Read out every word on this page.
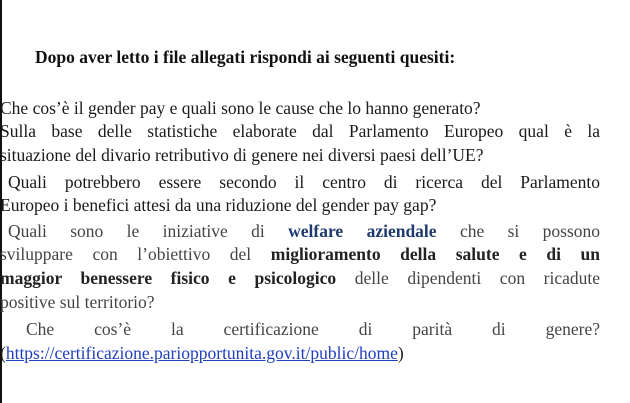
Dopo aver letto i file allegati rispondi ai seguenti quesiti:
Che cos’è il gender pay e quali sono le cause che lo hanno generato?
Sulla base delle statistiche elaborate dal Parlamento Europeo qual è la
situazione del divario retributivo di genere nei diversi paesi dell’UE?
Quali potrebbero essere secondo il centro di ricerca del Parlamento
Europeo i benefici attesi da una riduzione del gender pay gap?
Quali sono le iniziative di welfare aziendale che si possono
sviluppare con l’obiettivo del miglioramento della salute e di un
maggior benessere fisico e psicologico delle dipendenti con ricadute
positive sul territorio?
Che cos’è la certificazione di parità di genere?
(https://certificazione.pariopportunita.gov.it/public/home)
